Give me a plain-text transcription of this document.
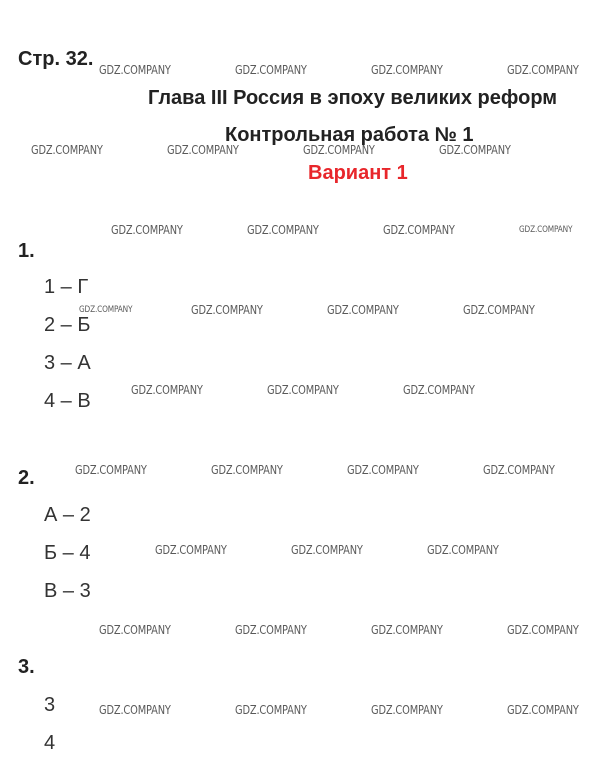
Стр. 32.
Глава III Россия в эпоху великих реформ
Контрольная работа № 1
Вариант 1
1.
1 – Г
2 – Б
3 – А
4 – В
2.
А – 2
Б – 4
В – 3
3.
3
4
GDZ.COMPANY	GDZ.COMPANY	GDZ.COMPANY	GDZ.COMPANY
GDZ.COMPANY	GDZ.COMPANY	GDZ.COMPANY	GDZ.COMPANY
GDZ.COMPANY	GDZ.COMPANY	GDZ.COMPANY	GDZ.COMPANY
GDZ.COMPANY	GDZ.COMPANY	GDZ.COMPANY	GDZ.COMPANY
GDZ.COMPANY	GDZ.COMPANY	GDZ.COMPANY
GDZ.COMPANY	GDZ.COMPANY	GDZ.COMPANY	GDZ.COMPANY
GDZ.COMPANY	GDZ.COMPANY	GDZ.COMPANY
GDZ.COMPANY	GDZ.COMPANY	GDZ.COMPANY	GDZ.COMPANY
GDZ.COMPANY	GDZ.COMPANY	GDZ.COMPANY	GDZ.COMPANY
